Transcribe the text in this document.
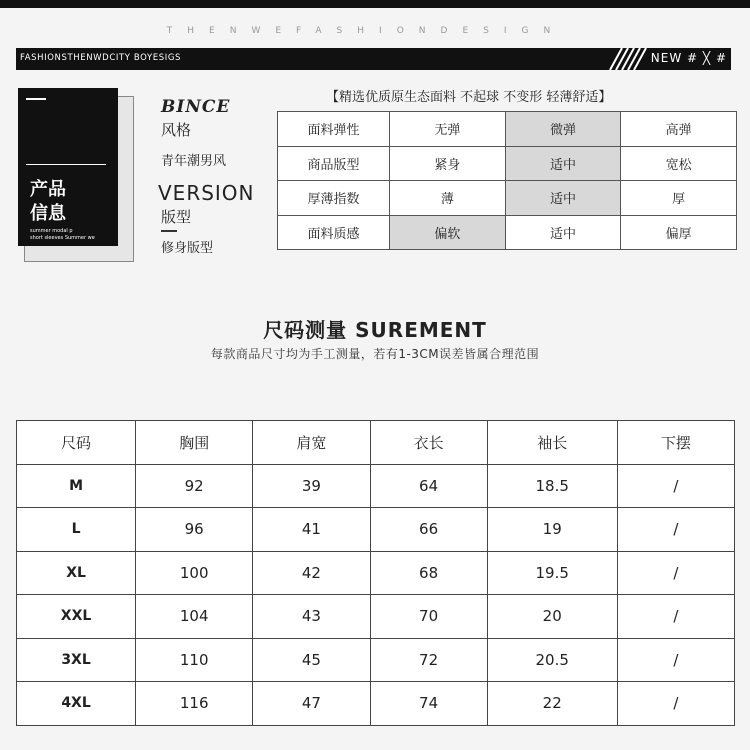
THENWEFASHIONDESIGN
FASHIONSTHENWDCITY BOYESIGS	NEW # ╳ #
产品
信息
summer modal p
short sleeves Summer we
BINCE
风格
青年潮男风
VERSION
版型
修身版型
【精选优质原生态面料 不起球 不变形 轻薄舒适】
面料弹性	无弹	微弹	高弹
商品版型	紧身	适中	宽松
厚薄指数	薄	适中	厚
面料质感	偏软	适中	偏厚
尺码测量 SUREMENT
每款商品尺寸均为手工测量，若有1-3CM误差皆属合理范围
尺码	胸围	肩宽	衣长	袖长	下摆
M	92	39	64	18.5	/
L	96	41	66	19	/
XL	100	42	68	19.5	/
XXL	104	43	70	20	/
3XL	110	45	72	20.5	/
4XL	116	47	74	22	/
